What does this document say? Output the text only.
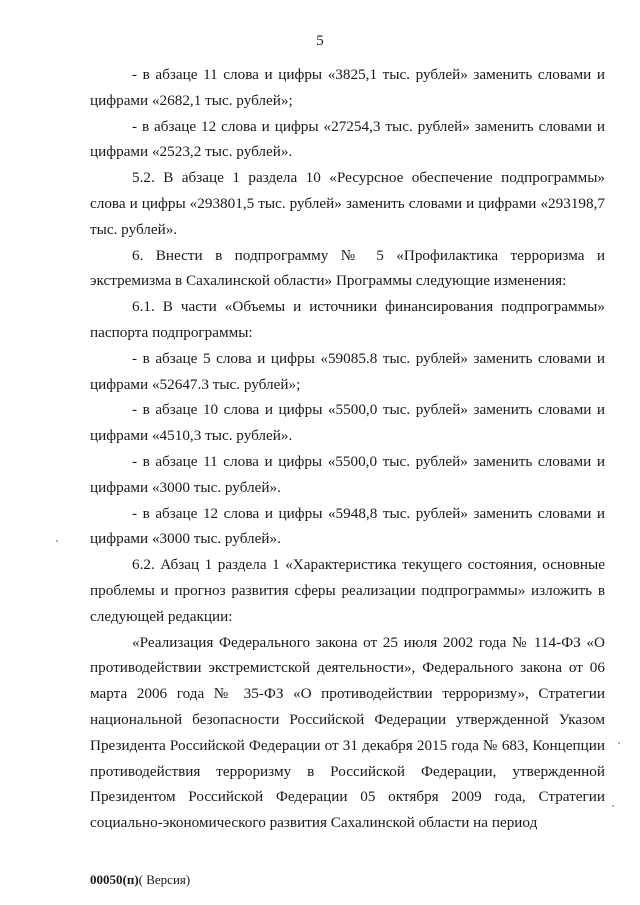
5

- в абзаце 11 слова и цифры «3825,1 тыс. рублей» заменить словами и цифрами «2682,1 тыс. рублей»;

- в абзаце 12 слова и цифры «27254,3 тыс. рублей» заменить словами и цифрами «2523,2 тыс. рублей».

5.2. В абзаце 1 раздела 10 «Ресурсное обеспечение подпрограммы» слова и цифры «293801,5 тыс. рублей» заменить словами и цифрами «293198,7 тыс. рублей».

6. Внести в подпрограмму № 5 «Профилактика терроризма и экстремизма в Сахалинской области» Программы следующие изменения:

6.1. В части «Объемы и источники финансирования подпрограммы» паспорта подпрограммы:

- в абзаце 5 слова и цифры «59085.8 тыс. рублей» заменить словами и цифрами «52647.3 тыс. рублей»;

- в абзаце 10 слова и цифры «5500,0 тыс. рублей» заменить словами и цифрами «4510,3 тыс. рублей».

- в абзаце 11 слова и цифры «5500,0 тыс. рублей» заменить словами и цифрами «3000 тыс. рублей».

- в абзаце 12 слова и цифры «5948,8 тыс. рублей» заменить словами и цифрами «3000 тыс. рублей».

6.2. Абзац 1 раздела 1 «Характеристика текущего состояния, основные проблемы и прогноз развития сферы реализации подпрограммы» изложить в следующей редакции:

«Реализация Федерального закона от 25 июля 2002 года № 114-ФЗ «О противодействии экстремистской деятельности», Федерального закона от 06 марта 2006 года № 35-ФЗ «О противодействии терроризму», Стратегии национальной безопасности Российской Федерации утвержденной Указом Президента Российской Федерации от 31 декабря 2015 года № 683, Концепции противодействия терроризму в Российской Федерации, утвержденной Президентом Российской Федерации 05 октября 2009 года, Стратегии социально-экономического развития Сахалинской области на период

00050(п)( Версия)
